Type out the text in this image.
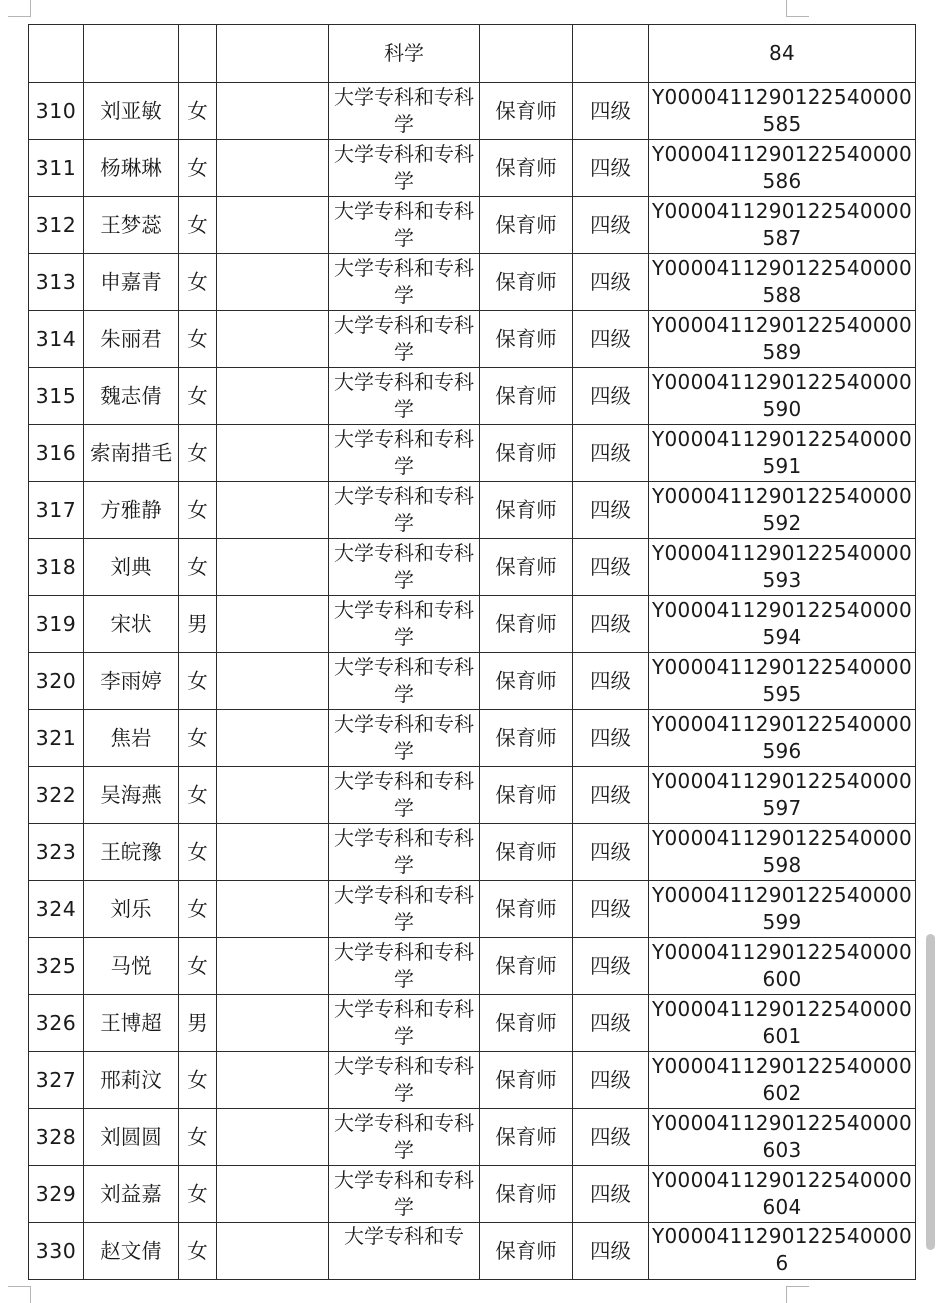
				科学			84

310	刘亚敏	女		大学专科和专科学	保育师	四级	Y0000411290122540000585

311	杨琳琳	女		大学专科和专科学	保育师	四级	Y0000411290122540000586

312	王梦蕊	女		大学专科和专科学	保育师	四级	Y0000411290122540000587

313	申嘉青	女		大学专科和专科学	保育师	四级	Y0000411290122540000588

314	朱丽君	女		大学专科和专科学	保育师	四级	Y0000411290122540000589

315	魏志倩	女		大学专科和专科学	保育师	四级	Y0000411290122540000590

316	索南措毛	女		大学专科和专科学	保育师	四级	Y0000411290122540000591

317	方雅静	女		大学专科和专科学	保育师	四级	Y0000411290122540000592

318	刘典	女		大学专科和专科学	保育师	四级	Y0000411290122540000593

319	宋状	男		大学专科和专科学	保育师	四级	Y0000411290122540000594

320	李雨婷	女		大学专科和专科学	保育师	四级	Y0000411290122540000595

321	焦岩	女		大学专科和专科学	保育师	四级	Y0000411290122540000596

322	吴海燕	女		大学专科和专科学	保育师	四级	Y0000411290122540000597

323	王皖豫	女		大学专科和专科学	保育师	四级	Y0000411290122540000598

324	刘乐	女		大学专科和专科学	保育师	四级	Y0000411290122540000599

325	马悦	女		大学专科和专科学	保育师	四级	Y0000411290122540000600

326	王博超	男		大学专科和专科学	保育师	四级	Y0000411290122540000601

327	邢莉汶	女		大学专科和专科学	保育师	四级	Y0000411290122540000602

328	刘圆圆	女		大学专科和专科学	保育师	四级	Y0000411290122540000603

329	刘益嘉	女		大学专科和专科学	保育师	四级	Y0000411290122540000604

330	赵文倩	女		大学专科和专	保育师	四级	Y00004112901225400006
